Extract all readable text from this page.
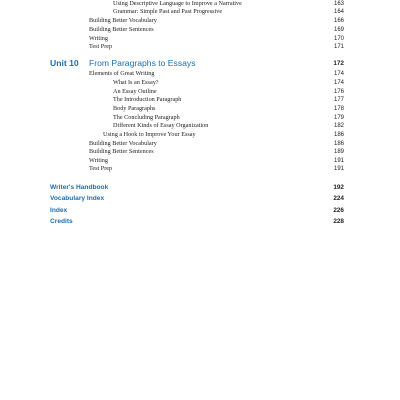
Using Descriptive Language to Improve a Narrative	163
Grammar: Simple Past and Past Progressive	164
Building Better Vocabulary	166
Building Better Sentences	169
Writing	170
Test Prep	171
Unit 10 From Paragraphs to Essays	172
Elements of Great Writing	174
What Is an Essay?	174
An Essay Outline	176
The Introduction Paragraph	177
Body Paragraphs	178
The Concluding Paragraph	179
Different Kinds of Essay Organization	182
Using a Hook to Improve Your Essay	186
Building Better Vocabulary	186
Building Better Sentences	189
Writing	191
Test Prep	191
Writer's Handbook	192
Vocabulary Index	224
Index	226
Credits	228
